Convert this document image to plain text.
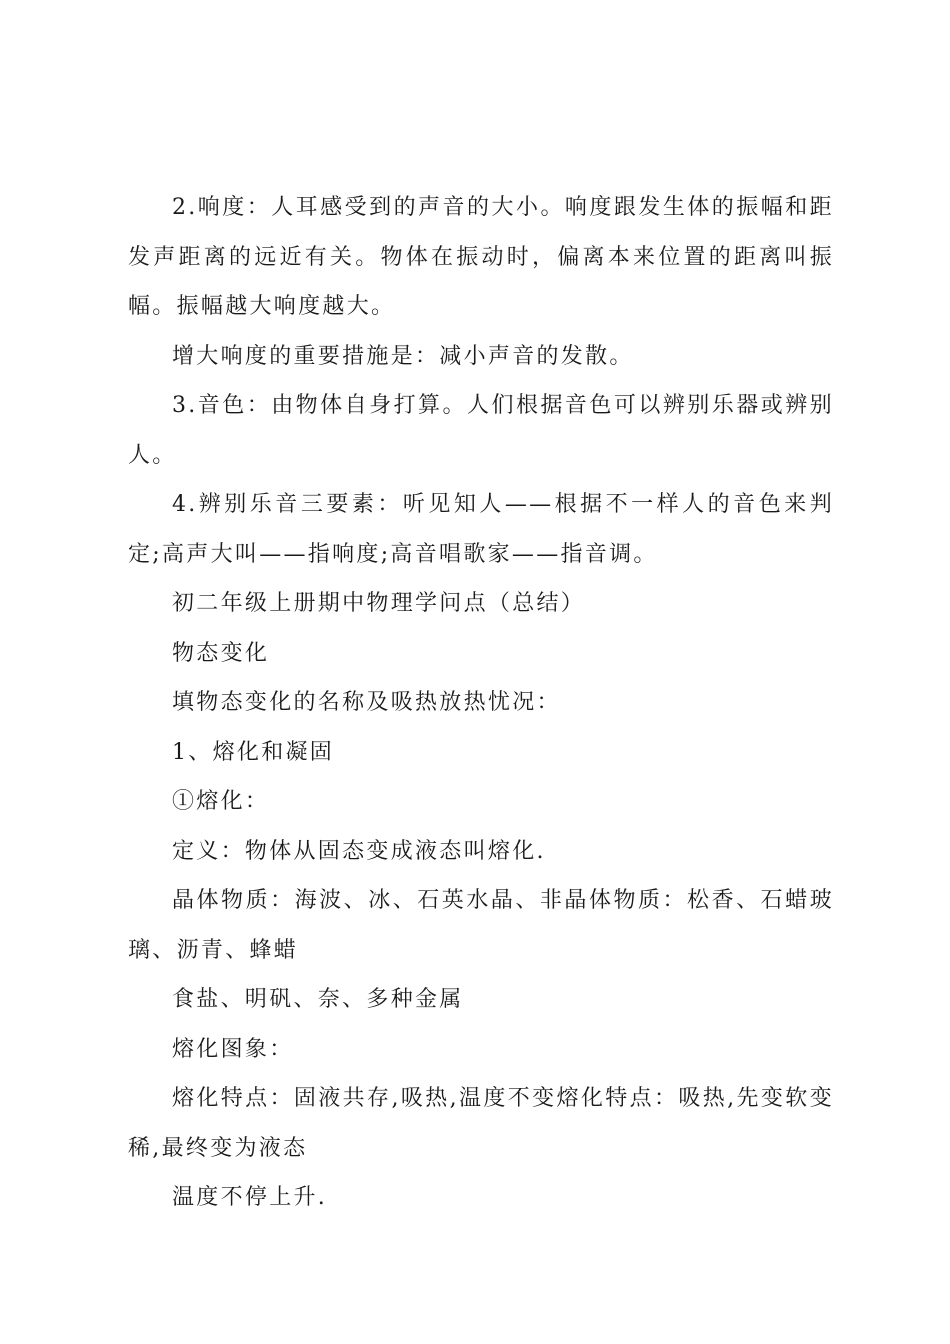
2.响度：人耳感受到的声音的大小。响度跟发生体的振幅和距发声距离的远近有关。物体在振动时，偏离本来位置的距离叫振幅。振幅越大响度越大。

增大响度的重要措施是：减小声音的发散。

3.音色：由物体自身打算。人们根据音色可以辨别乐器或辨别人。

4.辨别乐音三要素：听见知人——根据不一样人的音色来判定;高声大叫——指响度;高音唱歌家——指音调。

初二年级上册期中物理学问点（总结）

物态变化

填物态变化的名称及吸热放热忧况：

1、熔化和凝固

①熔化：

定义：物体从固态变成液态叫熔化.

晶体物质：海波、冰、石英水晶、非晶体物质：松香、石蜡玻璃、沥青、蜂蜡

食盐、明矾、奈、多种金属

熔化图象：

熔化特点：固液共存,吸热,温度不变熔化特点：吸热,先变软变稀,最终变为液态

温度不停上升.
